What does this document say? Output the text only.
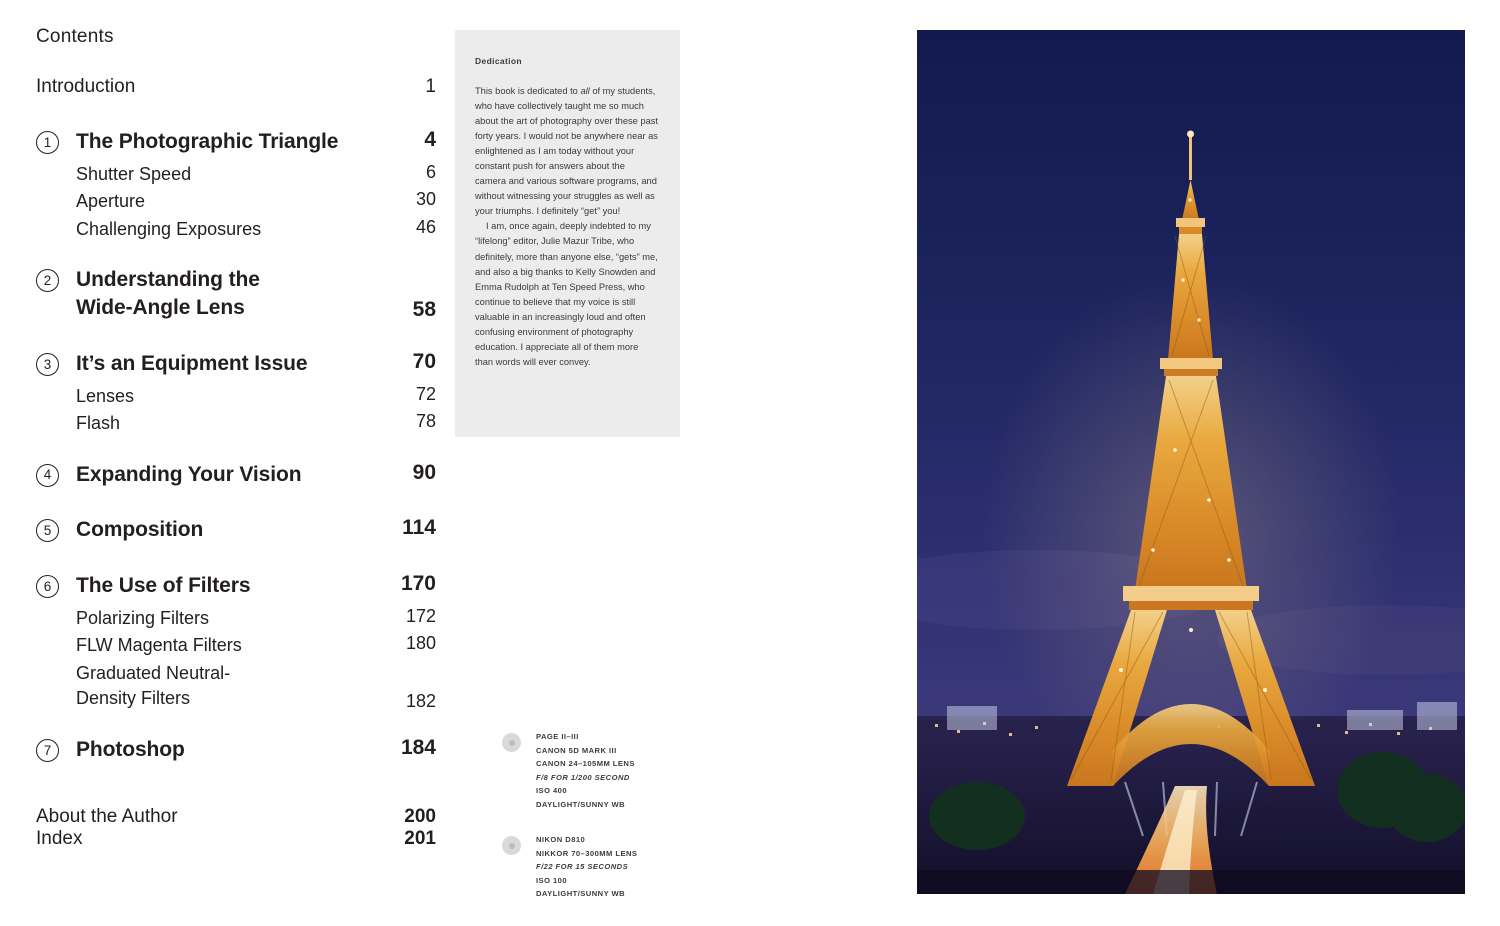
Contents
Introduction	1
1	The Photographic Triangle	4
Shutter Speed	6
Aperture	30
Challenging Exposures	46
2	Understanding the
Wide-Angle Lens	58
3	It’s an Equipment Issue	70
Lenses	72
Flash	78
4	Expanding Your Vision	90
5	Composition	114
6	The Use of Filters	170
Polarizing Filters	172
FLW Magenta Filters	180
Graduated Neutral-
Density Filters	182
7	Photoshop	184
About the Author	200
Index	201
Dedication

This book is dedicated to all of my students, who have collectively taught me so much about the art of photography over these past forty years. I would not be anywhere near as enlightened as I am today without your constant push for answers about the camera and various software programs, and without witnessing your struggles as well as your triumphs. I definitely “get” you!

I am, once again, deeply indebted to my “lifelong” editor, Julie Mazur Tribe, who definitely, more than anyone else, “gets” me, and also a big thanks to Kelly Snowden and Emma Rudolph at Ten Speed Press, who continue to believe that my voice is still valuable in an increasingly loud and often confusing environment of photography education. I appreciate all of them more than words will ever convey.

PAGE II–III
CANON 5D MARK III
CANON 24–105MM LENS
F/8 FOR 1/200 SECOND
ISO 400
DAYLIGHT/SUNNY WB
NIKON D810
NIKKOR 70–300MM LENS
F/22 FOR 15 SECONDS
ISO 100
DAYLIGHT/SUNNY WB
